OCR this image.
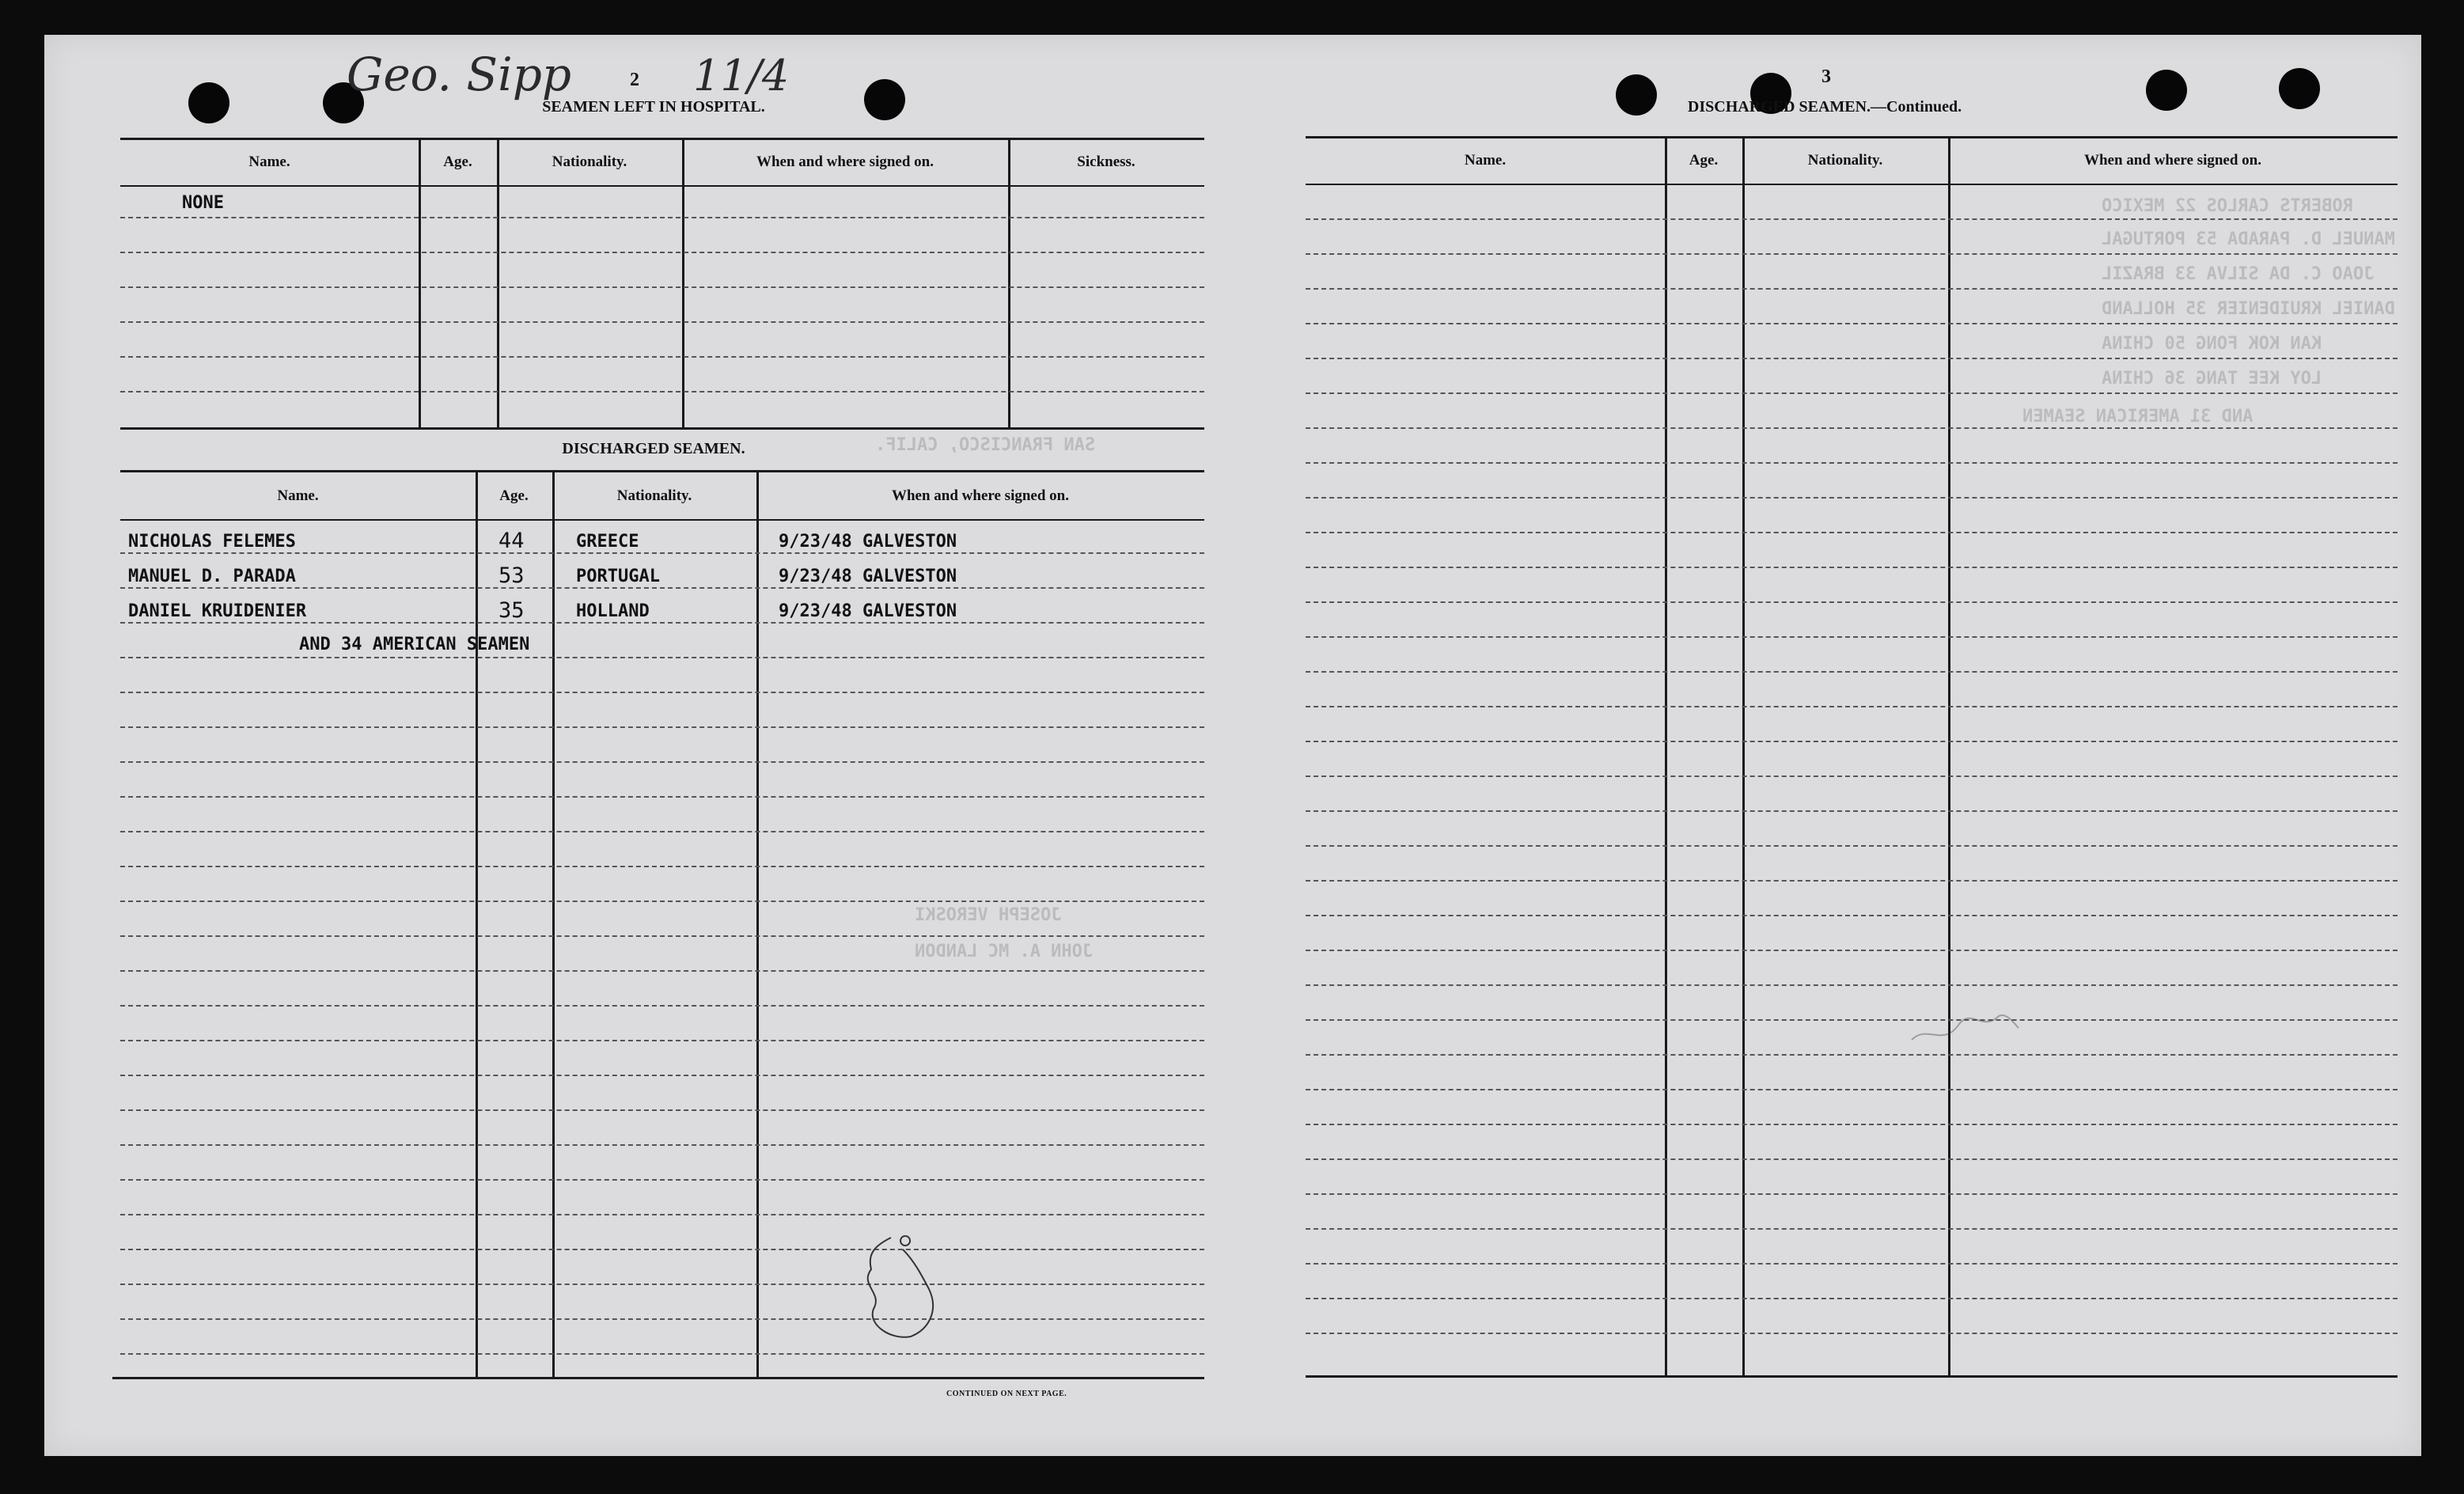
ROBERTS CARLOS 22 MEXICO
MANUEL D. PARADA 53 PORTUGAL
JOAO C. DA SILVA 33 BRAZIL
DANIEL KRUIDENIER 35 HOLLAND
KAN KOK FONG 50 CHINA
LOY KEE TANG 36 CHINA
AND 31 AMERICAN SEAMEN
SAN FRANCISCO, CALIF.
JOSEPH VEROSKI
JOHN A. MC LANDON
Geo. Sipp	11/4
2
SEAMEN LEFT IN HOSPITAL.
Name.	Age.	Nationality.	When and where signed on.	Sickness.
NONE
DISCHARGED SEAMEN.
Name.	Age.	Nationality.	When and where signed on.
NICHOLAS FELEMES	44	GREECE	9/23/48 GALVESTON
MANUEL D. PARADA	53	PORTUGAL	9/23/48 GALVESTON
DANIEL KRUIDENIER	35	HOLLAND	9/23/48 GALVESTON
AND 34 AMERICAN SEAMEN
CONTINUED ON NEXT PAGE.
3
DISCHARGED SEAMEN.—Continued.
Name.	Age.	Nationality.	When and where signed on.
